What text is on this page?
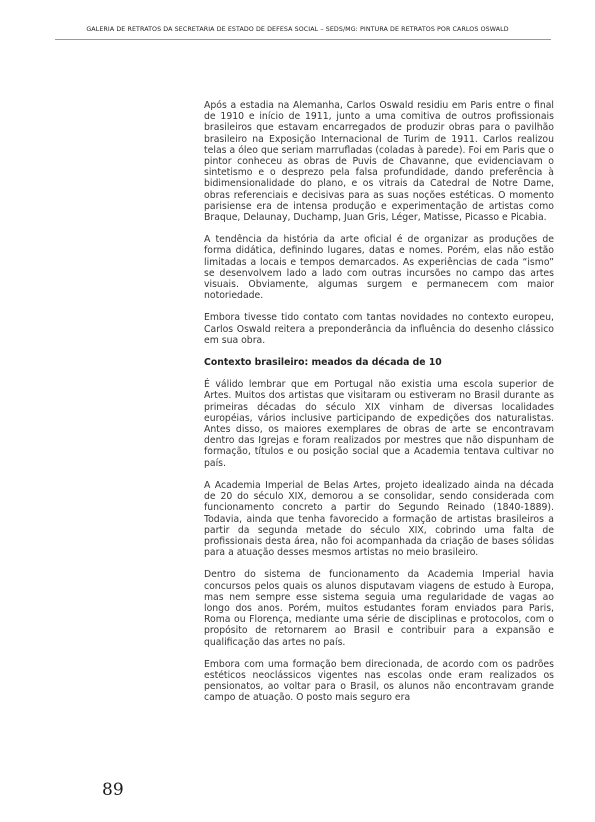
GALERIA DE RETRATOS DA SECRETARIA DE ESTADO DE DEFESA SOCIAL – SEDS/MG: PINTURA DE RETRATOS POR CARLOS OSWALD

Após a estadia na Alemanha, Carlos Oswald residiu em Paris entre o final de 1910 e início de 1911, junto a uma comitiva de outros profissionais brasileiros que estavam encarregados de produzir obras para o pavilhão brasileiro na Exposição Internacional de Turim de 1911. Carlos realizou telas a óleo que seriam marrufladas (coladas à parede). Foi em Paris que o pintor conheceu as obras de Puvis de Chavanne, que evidenciavam o sintetismo e o desprezo pela falsa profundidade, dando preferência à bidimensionalidade do plano, e os vitrais da Catedral de Notre Dame, obras referenciais e decisivas para as suas noções estéticas. O momento parisiense era de intensa produção e experimentação de artistas como Braque, Delaunay, Duchamp, Juan Gris, Léger, Matisse, Picasso e Picabia.

A tendência da história da arte oficial é de organizar as produções de forma didática, definindo lugares, datas e nomes. Porém, elas não estão limitadas a locais e tempos demarcados. As experiências de cada “ismo” se desenvolvem lado a lado com outras incursões no campo das artes visuais. Obviamente, algumas surgem e permanecem com maior notoriedade.

Embora tivesse tido contato com tantas novidades no contexto europeu, Carlos Oswald reitera a preponderância da influência do desenho clássico em sua obra.

Contexto brasileiro: meados da década de 10

É válido lembrar que em Portugal não existia uma escola superior de Artes. Muitos dos artistas que visitaram ou estiveram no Brasil durante as primeiras décadas do século XIX vinham de diversas localidades européias, vários inclusive participando de expedições dos naturalistas. Antes disso, os maiores exemplares de obras de arte se encontravam dentro das Igrejas e foram realizados por mestres que não dispunham de formação, títulos e ou posição social que a Academia tentava cultivar no país.

A Academia Imperial de Belas Artes, projeto idealizado ainda na década de 20 do século XIX, demorou a se consolidar, sendo considerada com funcionamento concreto a partir do Segundo Reinado (1840-1889). Todavia, ainda que tenha favorecido a formação de artistas brasileiros a partir da segunda metade do século XIX, cobrindo uma falta de profissionais desta área, não foi acompanhada da criação de bases sólidas para a atuação desses mesmos artistas no meio brasileiro.

Dentro do sistema de funcionamento da Academia Imperial havia concursos pelos quais os alunos disputavam viagens de estudo à Europa, mas nem sempre esse sistema seguia uma regularidade de vagas ao longo dos anos. Porém, muitos estudantes foram enviados para Paris, Roma ou Florença, mediante uma série de disciplinas e protocolos, com o propósito de retornarem ao Brasil e contribuir para a expansão e qualificação das artes no país.

Embora com uma formação bem direcionada, de acordo com os padrões estéticos neoclássicos vigentes nas escolas onde eram realizados os pensionatos, ao voltar para o Brasil, os alunos não encontravam grande campo de atuação. O posto mais seguro era

89
